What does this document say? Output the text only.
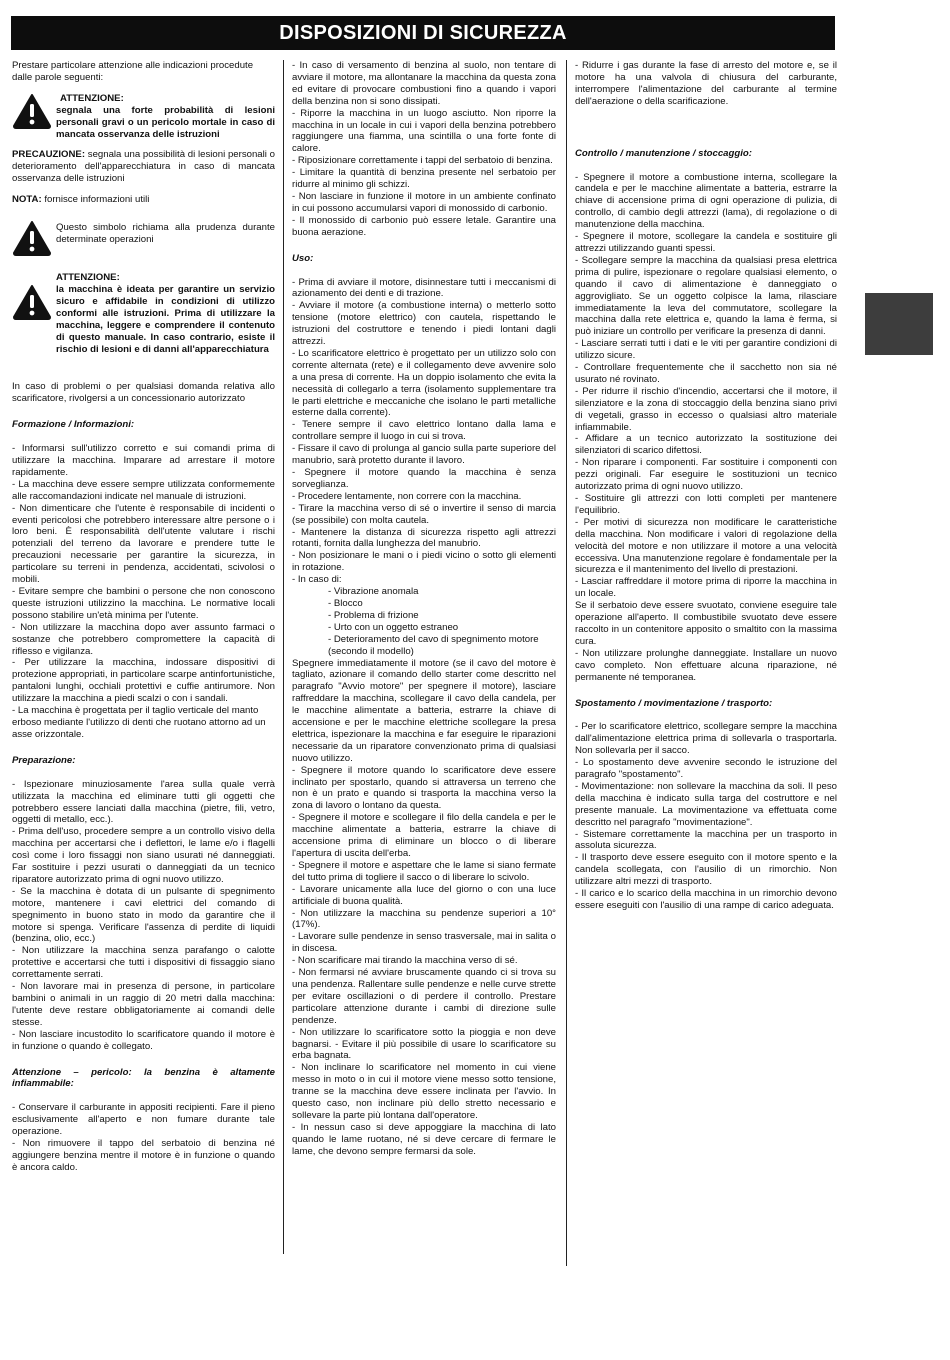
DISPOSIZIONI DI SICUREZZA

Prestare particolare attenzione alle indicazioni procedute dalle parole seguenti:

ATTENZIONE:
segnala una forte probabilità di lesioni personali gravi o un pericolo mortale in caso di mancata osservanza delle istruzioni

PRECAUZIONE: segnala una possibilità di lesioni personali o deterioramento dell'apparecchiatura in caso di mancata osservanza delle istruzioni

NOTA: fornisce informazioni utili

Questo simbolo richiama alla prudenza durante determinate operazioni
ATTENZIONE:
la macchina è ideata per garantire un servizio sicuro e affidabile in condizioni di utilizzo conformi alle istruzioni. Prima di utilizzare la macchina, leggere e comprendere il contenuto di questo manuale. In caso contrario, esiste il rischio di lesioni e di danni all'apparecchiatura

In caso di problemi o per qualsiasi domanda relativa allo scarificatore, rivolgersi a un concessionario autorizzato

Formazione / Informazioni:

- Informarsi sull'utilizzo corretto e sui comandi prima di utilizzare la macchina. Imparare ad arrestare il motore rapidamente.

- La macchina deve essere sempre utilizzata conformemente alle raccomandazioni indicate nel manuale di istruzioni.

- Non dimenticare che l'utente è responsabile di incidenti o eventi pericolosi che potrebbero interessare altre persone o i loro beni. È responsabilità dell'utente valutare i rischi potenziali del terreno da lavorare e prendere tutte le precauzioni necessarie per garantire la sicurezza, in particolare su terreni in pendenza, accidentati, scivolosi o mobili.

- Evitare sempre che bambini o persone che non conoscono queste istruzioni utilizzino la macchina. Le normative locali possono stabilire un'età minima per l'utente.

- Non utilizzare la macchina dopo aver assunto farmaci o sostanze che potrebbero compromettere la capacità di riflesso e vigilanza.

- Per utilizzare la macchina, indossare dispositivi di protezione appropriati, in particolare scarpe antinfortunistiche, pantaloni lunghi, occhiali protettivi e cuffie antirumore. Non utilizzare la macchina a piedi scalzi o con i sandali.

- La macchina è progettata per il taglio verticale del manto erboso mediante l'utilizzo di denti che ruotano attorno ad un asse orizzontale.

Preparazione:

- Ispezionare minuziosamente l'area sulla quale verrà utilizzata la macchina ed eliminare tutti gli oggetti che potrebbero essere lanciati dalla macchina (pietre, fili, vetro, oggetti di metallo, ecc.).

- Prima dell'uso, procedere sempre a un controllo visivo della macchina per accertarsi che i deflettori, le lame e/o i flagelli così come i loro fissaggi non siano usurati né danneggiati. Far sostituire i pezzi usurati o danneggiati da un tecnico riparatore autorizzato prima di ogni nuovo utilizzo.

- Se la macchina è dotata di un pulsante di spegnimento motore, mantenere i cavi elettrici del comando di spegnimento in buono stato in modo da garantire che il motore si spenga. Verificare l'assenza di perdite di liquidi (benzina, olio, ecc.)

- Non utilizzare la macchina senza parafango o calotte protettive e accertarsi che tutti i dispositivi di fissaggio siano correttamente serrati.

- Non lavorare mai in presenza di persone, in particolare bambini o animali in un raggio di 20 metri dalla macchina: l'utente deve restare obbligatoriamente ai comandi delle stesse.

- Non lasciare incustodito lo scarificatore quando il motore è in funzione o quando è collegato.

Attenzione – pericolo: la benzina è altamente infiammabile:

- Conservare il carburante in appositi recipienti. Fare il pieno esclusivamente all'aperto e non fumare durante tale operazione.

- Non rimuovere il tappo del serbatoio di benzina né aggiungere benzina mentre il motore è in funzione o quando è ancora caldo.

- In caso di versamento di benzina al suolo, non tentare di avviare il motore, ma allontanare la macchina da questa zona ed evitare di provocare combustioni fino a quando i vapori della benzina non si sono dissipati.

- Riporre la macchina in un luogo asciutto. Non riporre la macchina in un locale in cui i vapori della benzina potrebbero raggiungere una fiamma, una scintilla o una forte fonte di calore.

- Riposizionare correttamente i tappi del serbatoio di benzina.

- Limitare la quantità di benzina presente nel serbatoio per ridurre al minimo gli schizzi.

- Non lasciare in funzione il motore in un ambiente confinato in cui possono accumularsi vapori di monossido di carbonio.

- Il monossido di carbonio può essere letale. Garantire una buona aerazione.

Uso:

- Prima di avviare il motore, disinnestare tutti i meccanismi di azionamento dei denti e di trazione.

- Avviare il motore (a combustione interna) o metterlo sotto tensione (motore elettrico) con cautela, rispettando le istruzioni del costruttore e tenendo i piedi lontani dagli attrezzi.

- Lo scarificatore elettrico è progettato per un utilizzo solo con corrente alternata (rete) e il collegamento deve avvenire solo a una presa di corrente. Ha un doppio isolamento che evita la necessità di collegarlo a terra (isolamento supplementare tra le parti elettriche e meccaniche che isolano le parti metalliche esterne dalla corrente).

- Tenere sempre il cavo elettrico lontano dalla lama e controllare sempre il luogo in cui si trova.

- Fissare il cavo di prolunga al gancio sulla parte superiore del manubrio, sarà protetto durante il lavoro.

- Spegnere il motore quando la macchina è senza sorveglianza.

- Procedere lentamente, non correre con la macchina.

- Tirare la macchina verso di sé o invertire il senso di marcia (se possibile) con molta cautela.

- Mantenere la distanza di sicurezza rispetto agli attrezzi rotanti, fornita dalla lunghezza del manubrio.

- Non posizionare le mani o i piedi vicino o sotto gli elementi in rotazione.

- In caso di:

- Vibrazione anomala

- Blocco

- Problema di frizione

- Urto con un oggetto estraneo

- Deterioramento del cavo di spegnimento motore (secondo il modello)

Spegnere immediatamente il motore (se il cavo del motore è tagliato, azionare il comando dello starter come descritto nel paragrafo "Avvio motore" per spegnere il motore), lasciare raffreddare la macchina, scollegare il cavo della candela, per le macchine alimentate a batteria, estrarre la chiave di accensione e per le macchine elettriche scollegare la presa elettrica, ispezionare la macchina e far eseguire le riparazioni necessarie da un riparatore convenzionato prima di qualsiasi nuovo utilizzo.

- Spegnere il motore quando lo scarificatore deve essere inclinato per spostarlo, quando si attraversa un terreno che non è un prato e quando si trasporta la macchina verso la zona di lavoro o lontano da questa.

- Spegnere il motore e scollegare il filo della candela e per le macchine alimentate a batteria, estrarre la chiave di accensione prima di eliminare un blocco o di liberare l'apertura di uscita dell'erba.

- Spegnere il motore e aspettare che le lame si siano fermate del tutto prima di togliere il sacco o di liberare lo scivolo.

- Lavorare unicamente alla luce del giorno o con una luce artificiale di buona qualità.

- Non utilizzare la macchina su pendenze superiori a 10° (17%).

- Lavorare sulle pendenze in senso trasversale, mai in salita o in discesa.

- Non scarificare mai tirando la macchina verso di sé.

- Non fermarsi né avviare bruscamente quando ci si trova su una pendenza. Rallentare sulle pendenze e nelle curve strette per evitare oscillazioni o di perdere il controllo. Prestare particolare attenzione durante i cambi di direzione sulle pendenze.

- Non utilizzare lo scarificatore sotto la pioggia e non deve bagnarsi. - Evitare il più possibile di usare lo scarificatore su erba bagnata.

- Non inclinare lo scarificatore nel momento in cui viene messo in moto o in cui il motore viene messo sotto tensione, tranne se la macchina deve essere inclinata per l'avvio. In questo caso, non inclinare più dello stretto necessario e sollevare la parte più lontana dall'operatore.

- In nessun caso si deve appoggiare la macchina di lato quando le lame ruotano, né si deve cercare di fermare le lame, che devono sempre fermarsi da sole.

- Ridurre i gas durante la fase di arresto del motore e, se il motore ha una valvola di chiusura del carburante, interrompere l'alimentazione del carburante al termine dell'aerazione o della scarificazione.

Controllo / manutenzione / stoccaggio:

- Spegnere il motore a combustione interna, scollegare la candela e per le macchine alimentate a batteria, estrarre la chiave di accensione prima di ogni operazione di pulizia, di controllo, di cambio degli attrezzi (lama), di regolazione o di manutenzione della macchina.

- Spegnere il motore, scollegare la candela e sostituire gli attrezzi utilizzando guanti spessi.

- Scollegare sempre la macchina da qualsiasi presa elettrica prima di pulire, ispezionare o regolare qualsiasi elemento, o quando il cavo di alimentazione è danneggiato o aggrovigliato. Se un oggetto colpisce la lama, rilasciare immediatamente la leva del commutatore, scollegare la macchina dalla rete elettrica e, quando la lama è ferma, si può iniziare un controllo per verificare la presenza di danni.

- Lasciare serrati tutti i dati e le viti per garantire condizioni di utilizzo sicure.

- Controllare frequentemente che il sacchetto non sia né usurato né rovinato.

- Per ridurre il rischio d'incendio, accertarsi che il motore, il silenziatore e la zona di stoccaggio della benzina siano privi di vegetali, grasso in eccesso o qualsiasi altro materiale infiammabile.

- Affidare a un tecnico autorizzato la sostituzione dei silenziatori di scarico difettosi.

- Non riparare i componenti. Far sostituire i componenti con pezzi originali. Far eseguire le sostituzioni un tecnico autorizzato prima di ogni nuovo utilizzo.

- Sostituire gli attrezzi con lotti completi per mantenere l'equilibrio.

- Per motivi di sicurezza non modificare le caratteristiche della macchina. Non modificare i valori di regolazione della velocità del motore e non utilizzare il motore a una velocità eccessiva. Una manutenzione regolare è fondamentale per la sicurezza e il mantenimento del livello di prestazioni.

- Lasciar raffreddare il motore prima di riporre la macchina in un locale.

Se il serbatoio deve essere svuotato, conviene eseguire tale operazione all'aperto. Il combustibile svuotato deve essere raccolto in un contenitore apposito o smaltito con la massima cura.

- Non utilizzare prolunghe danneggiate. Installare un nuovo cavo completo. Non effettuare alcuna riparazione, né permanente né temporanea.

Spostamento / movimentazione / trasporto:

- Per lo scarificatore elettrico, scollegare sempre la macchina dall'alimentazione elettrica prima di sollevarla o trasportarla. Non sollevarla per il sacco.

- Lo spostamento deve avvenire secondo le istruzione del paragrafo "spostamento".

- Movimentazione: non sollevare la macchina da soli. Il peso della macchina è indicato sulla targa del costruttore e nel presente manuale. La movimentazione va effettuata come descritto nel paragrafo "movimentazione".

- Sistemare correttamente la macchina per un trasporto in assoluta sicurezza.

- Il trasporto deve essere eseguito con il motore spento e la candela scollegata, con l'ausilio di un rimorchio. Non utilizzare altri mezzi di trasporto.

- Il carico e lo scarico della macchina in un rimorchio devono essere eseguiti con l'ausilio di una rampe di carico adeguata.
